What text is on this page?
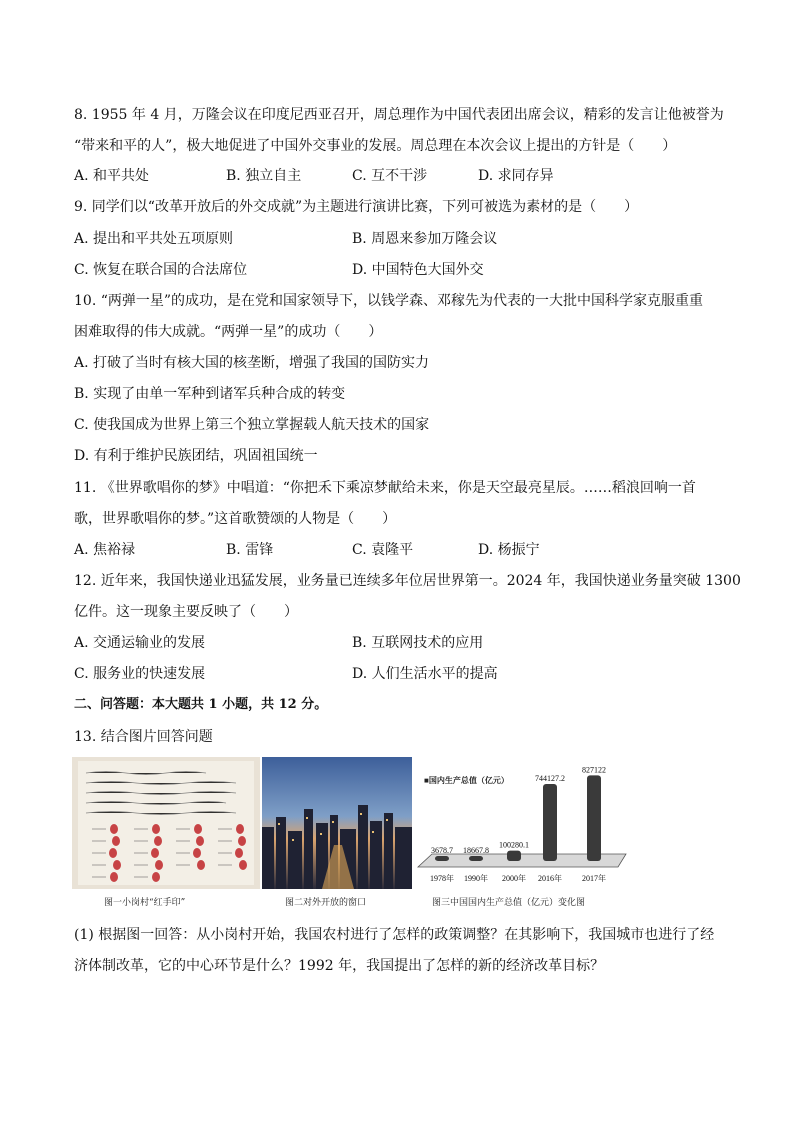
8. 1955 年 4 月，万隆会议在印度尼西亚召开，周总理作为中国代表团出席会议，精彩的发言让他被誉为
“带来和平的人”，极大地促进了中国外交事业的发展。周总理在本次会议上提出的方针是（　　）
A. 和平共处	B. 独立自主	C. 互不干涉	D. 求同存异
9. 同学们以“改革开放后的外交成就”为主题进行演讲比赛，下列可被选为素材的是（　　）
A. 提出和平共处五项原则	B. 周恩来参加万隆会议
C. 恢复在联合国的合法席位	D. 中国特色大国外交
10. “两弹一星”的成功，是在党和国家领导下，以钱学森、邓稼先为代表的一大批中国科学家克服重重
困难取得的伟大成就。“两弹一星”的成功（　　）
A. 打破了当时有核大国的核垄断，增强了我国的国防实力
B. 实现了由单一军种到诸军兵种合成的转变
C. 使我国成为世界上第三个独立掌握载人航天技术的国家
D. 有利于维护民族团结，巩固祖国统一
11. 《世界歌唱你的梦》中唱道：“你把禾下乘凉梦献给未来，你是天空最亮星辰。……稻浪回响一首
歌，世界歌唱你的梦。”这首歌赞颂的人物是（　　）
A. 焦裕禄	B. 雷锋	C. 袁隆平	D. 杨振宁
12. 近年来，我国快递业迅猛发展，业务量已连续多年位居世界第一。2024 年，我国快递业务量突破 1300
亿件。这一现象主要反映了（　　）
A. 交通运输业的发展	B. 互联网技术的应用
C. 服务业的快速发展	D. 人们生活水平的提高
二、问答题：本大题共 1 小题，共 12 分。
13. 结合图片回答问题
图一小岗村“红手印”	图二对外开放的窗口
■国内生产总值（亿元）
3678.7
1978年
18667.8
1990年
100280.1
2000年
744127.2
2016年
827122
2017年
图三中国国内生产总值（亿元）变化图
(1) 根据图一回答：从小岗村开始，我国农村进行了怎样的政策调整？在其影响下，我国城市也进行了经
济体制改革，它的中心环节是什么？1992 年，我国提出了怎样的新的经济改革目标？
